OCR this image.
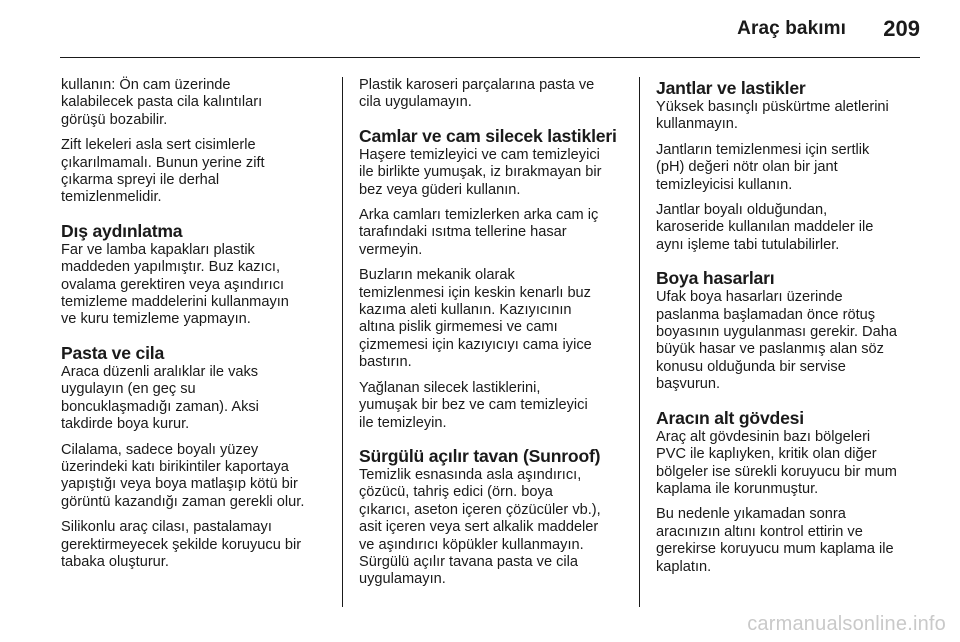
Araç bakımı 209

kullanın: Ön cam üzerinde
kalabilecek pasta cila kalıntıları
görüşü bozabilir.

Zift lekeleri asla sert cisimlerle
çıkarılmamalı. Bunun yerine zift
çıkarma spreyi ile derhal
temizlenmelidir.

Dış aydınlatma

Far ve lamba kapakları plastik
maddeden yapılmıştır. Buz kazıcı,
ovalama gerektiren veya aşındırıcı
temizleme maddelerini kullanmayın
ve kuru temizleme yapmayın.

Pasta ve cila

Araca düzenli aralıklar ile vaks
uygulayın (en geç su
boncuklaşmadığı zaman). Aksi
takdirde boya kurur.

Cilalama, sadece boyalı yüzey
üzerindeki katı birikintiler kaportaya
yapıştığı veya boya matlaşıp kötü bir
görüntü kazandığı zaman gerekli olur.

Silikonlu araç cilası, pastalamayı
gerektirmeyecek şekilde koruyucu bir
tabaka oluşturur.

Plastik karoseri parçalarına pasta ve
cila uygulamayın.

Camlar ve cam silecek lastikleri

Haşere temizleyici ve cam temizleyici
ile birlikte yumuşak, iz bırakmayan bir
bez veya güderi kullanın.

Arka camları temizlerken arka cam iç
tarafındaki ısıtma tellerine hasar
vermeyin.

Buzların mekanik olarak
temizlenmesi için keskin kenarlı buz
kazıma aleti kullanın. Kazıyıcının
altına pislik girmemesi ve camı
çizmemesi için kazıyıcıyı cama iyice
bastırın.

Yağlanan silecek lastiklerini,
yumuşak bir bez ve cam temizleyici
ile temizleyin.

Sürgülü açılır tavan (Sunroof)

Temizlik esnasında asla aşındırıcı,
çözücü, tahriş edici (örn. boya
çıkarıcı, aseton içeren çözücüler vb.),
asit içeren veya sert alkalik maddeler
ve aşındırıcı köpükler kullanmayın.
Sürgülü açılır tavana pasta ve cila
uygulamayın.

Jantlar ve lastikler

Yüksek basınçlı püskürtme aletlerini
kullanmayın.

Jantların temizlenmesi için sertlik
(pH) değeri nötr olan bir jant
temizleyicisi kullanın.

Jantlar boyalı olduğundan,
karoseride kullanılan maddeler ile
aynı işleme tabi tutulabilirler.

Boya hasarları

Ufak boya hasarları üzerinde
paslanma başlamadan önce rötuş
boyasının uygulanması gerekir. Daha
büyük hasar ve paslanmış alan söz
konusu olduğunda bir servise
başvurun.

Aracın alt gövdesi

Araç alt gövdesinin bazı bölgeleri
PVC ile kaplıyken, kritik olan diğer
bölgeler ise sürekli koruyucu bir mum
kaplama ile korunmuştur.

Bu nedenle yıkamadan sonra
aracınızın altını kontrol ettirin ve
gerekirse koruyucu mum kaplama ile
kaplatın.

carmanualsonline.info
